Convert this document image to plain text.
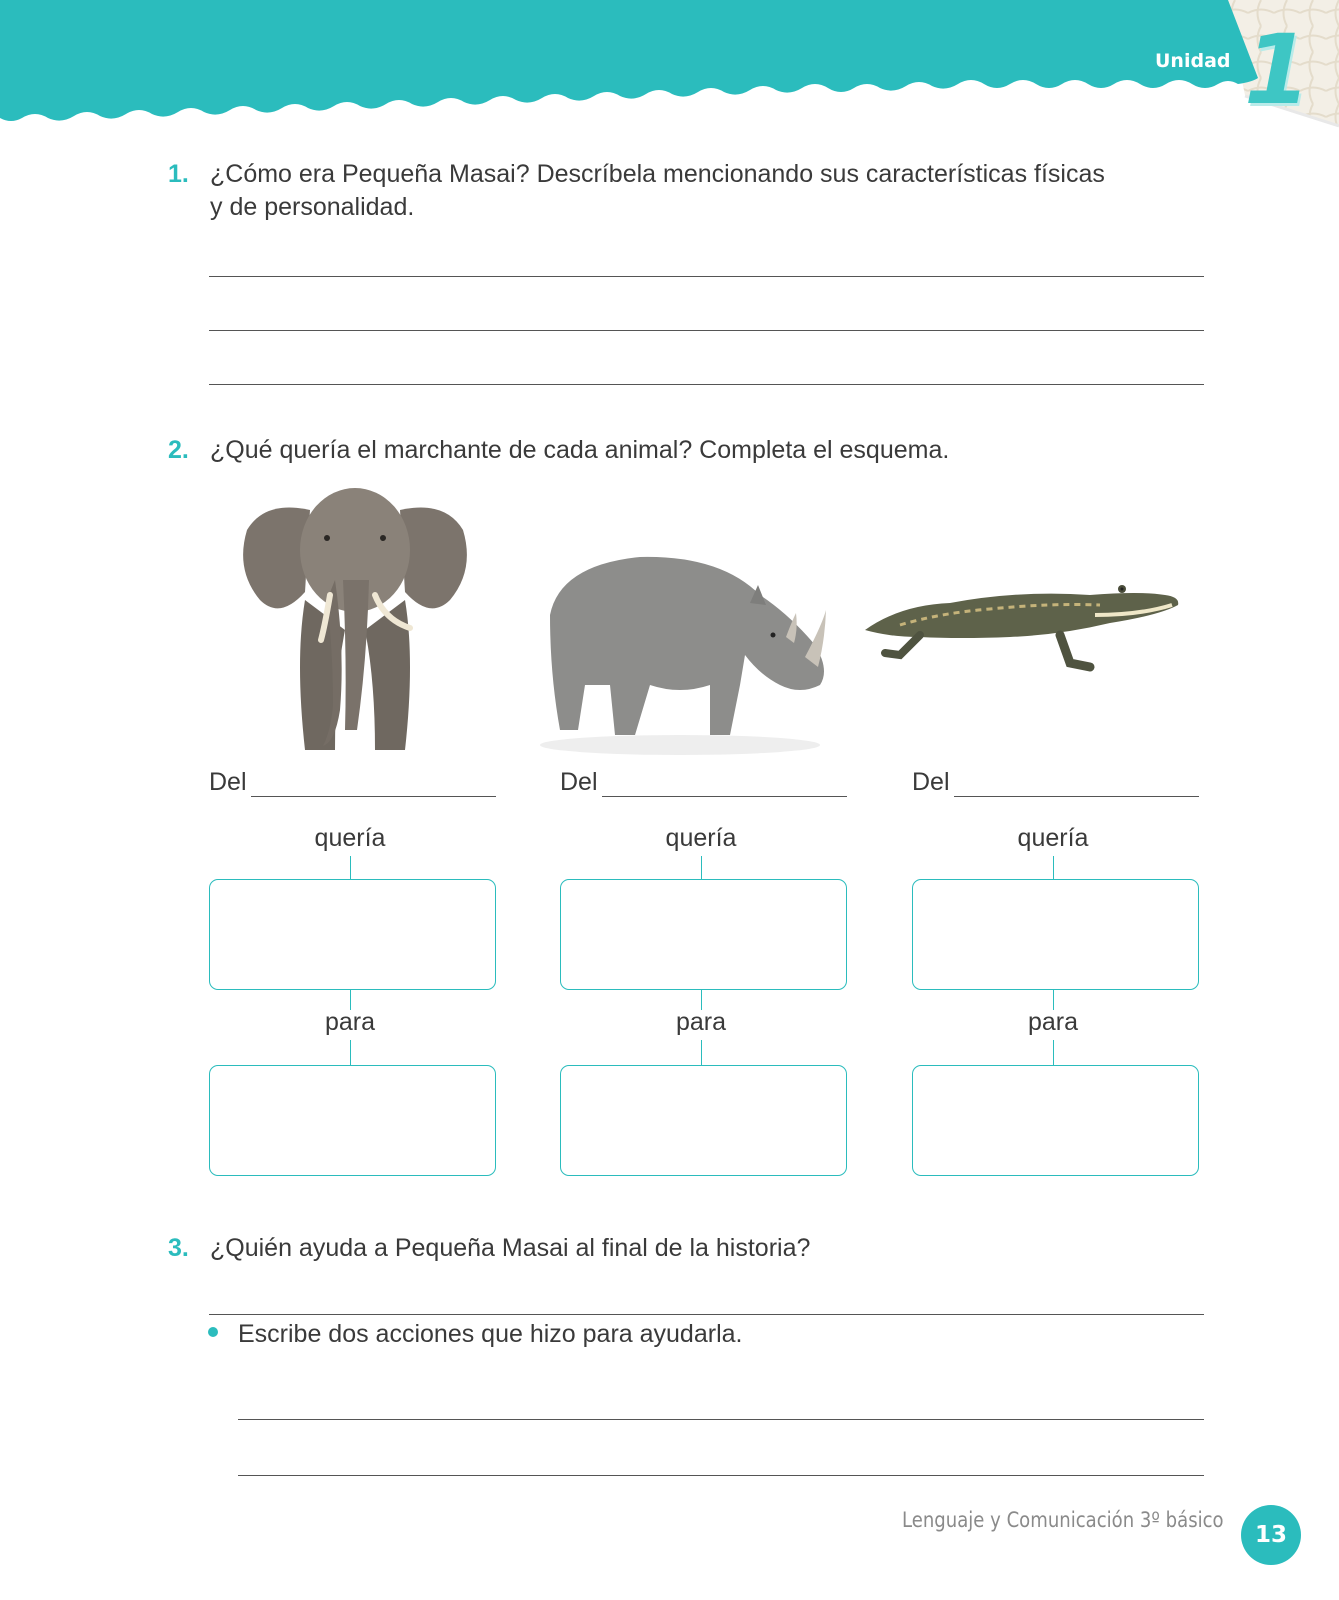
Unidad 1
1. ¿Cómo era Pequeña Masai? Descríbela mencionando sus características físicas
y de personalidad.
2. ¿Qué quería el marchante de cada animal? Completa el esquema.
Del
quería
para
Del
quería
para
Del
quería
para
3. ¿Quién ayuda a Pequeña Masai al final de la historia?
Escribe dos acciones que hizo para ayudarla.
Lenguaje y Comunicación 3º básico
13
